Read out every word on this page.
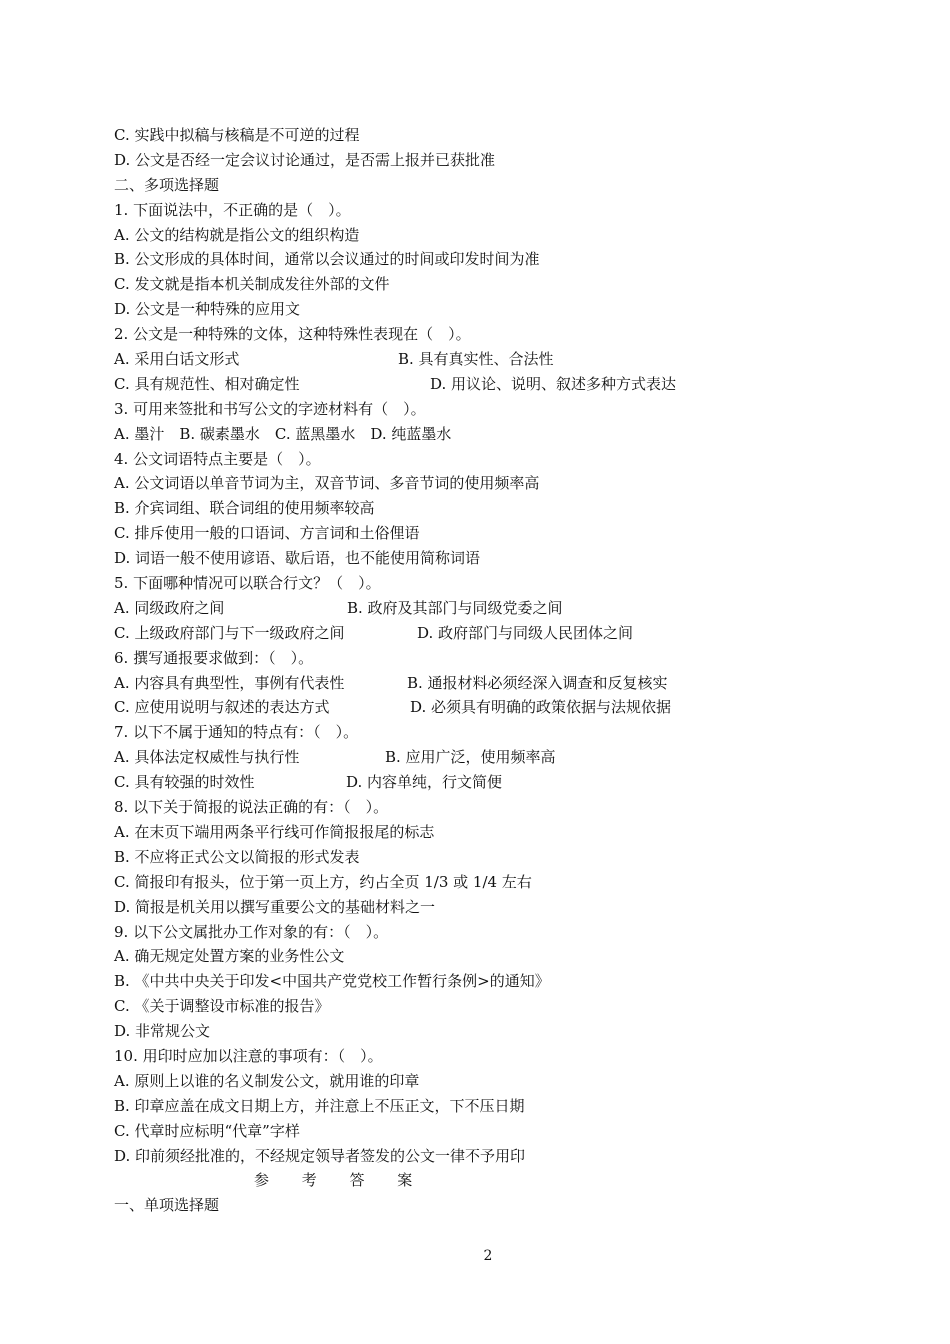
C. 实践中拟稿与核稿是不可逆的过程
D. 公文是否经一定会议讨论通过，是否需上报并已获批准
二、多项选择题
1. 下面说法中，不正确的是（　）。
A. 公文的结构就是指公文的组织构造
B. 公文形成的具体时间，通常以会议通过的时间或印发时间为准
C. 发文就是指本机关制成发往外部的文件
D. 公文是一种特殊的应用文
2. 公文是一种特殊的文体，这种特殊性表现在（　）。
A. 采用白话文形式	B. 具有真实性、合法性
C. 具有规范性、相对确定性	D. 用议论、说明、叙述多种方式表达
3. 可用来签批和书写公文的字迹材料有（　）。
A. 墨汁　B. 碳素墨水　C. 蓝黑墨水　D. 纯蓝墨水
4. 公文词语特点主要是（　）。
A. 公文词语以单音节词为主，双音节词、多音节词的使用频率高
B. 介宾词组、联合词组的使用频率较高
C. 排斥使用一般的口语词、方言词和土俗俚语
D. 词语一般不使用谚语、歇后语，也不能使用简称词语
5. 下面哪种情况可以联合行文？（　）。
A. 同级政府之间	B. 政府及其部门与同级党委之间
C. 上级政府部门与下一级政府之间	D. 政府部门与同级人民团体之间
6. 撰写通报要求做到：（　）。
A. 内容具有典型性，事例有代表性	B. 通报材料必须经深入调查和反复核实
C. 应使用说明与叙述的表达方式	D. 必须具有明确的政策依据与法规依据
7. 以下不属于通知的特点有：（　）。
A. 具体法定权威性与执行性	B. 应用广泛，使用频率高
C. 具有较强的时效性	D. 内容单纯，行文简便
8. 以下关于简报的说法正确的有：（　）。
A. 在末页下端用两条平行线可作简报报尾的标志
B. 不应将正式公文以简报的形式发表
C. 简报印有报头，位于第一页上方，约占全页 1/3 或 1/4 左右
D. 简报是机关用以撰写重要公文的基础材料之一
9. 以下公文属批办工作对象的有：（　）。
A. 确无规定处置方案的业务性公文
B. 《中共中央关于印发<中国共产党党校工作暂行条例>的通知》
C. 《关于调整设市标准的报告》
D. 非常规公文
10. 用印时应加以注意的事项有：（　）。
A. 原则上以谁的名义制发公文，就用谁的印章
B. 印章应盖在成文日期上方，并注意上不压正文，下不压日期
C. 代章时应标明“代章”字样
D. 印前须经批准的，不经规定领导者签发的公文一律不予用印
参 考 答 案
一、单项选择题
2
